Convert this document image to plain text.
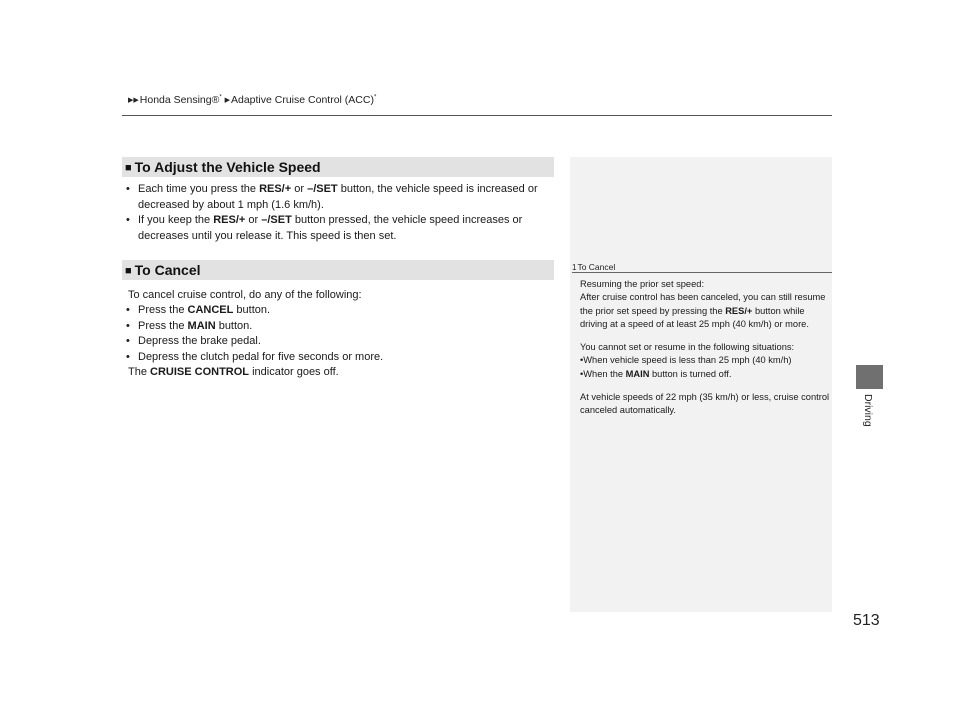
▶▶Honda Sensing®* ▶Adaptive Cruise Control (ACC)*
Driving
■ To Adjust the Vehicle Speed
• Each time you press the RES/+ or –/SET button, the vehicle speed is increased or decreased by about 1 mph (1.6 km/h).
• If you keep the RES/+ or –/SET button pressed, the vehicle speed increases or decreases until you release it. This speed is then set.
■ To Cancel
To cancel cruise control, do any of the following:
• Press the CANCEL button.
• Press the MAIN button.
• Depress the brake pedal.
• Depress the clutch pedal for five seconds or more.
The CRUISE CONTROL indicator goes off.
1To Cancel

Resuming the prior set speed:
After cruise control has been canceled, you can still resume the prior set speed by pressing the RES/+ button while driving at a speed of at least 25 mph (40 km/h) or more.

You cannot set or resume in the following situations:
•When vehicle speed is less than 25 mph (40 km/h)
•When the MAIN button is turned off.

At vehicle speeds of 22 mph (35 km/h) or less, cruise control canceled automatically.

513
